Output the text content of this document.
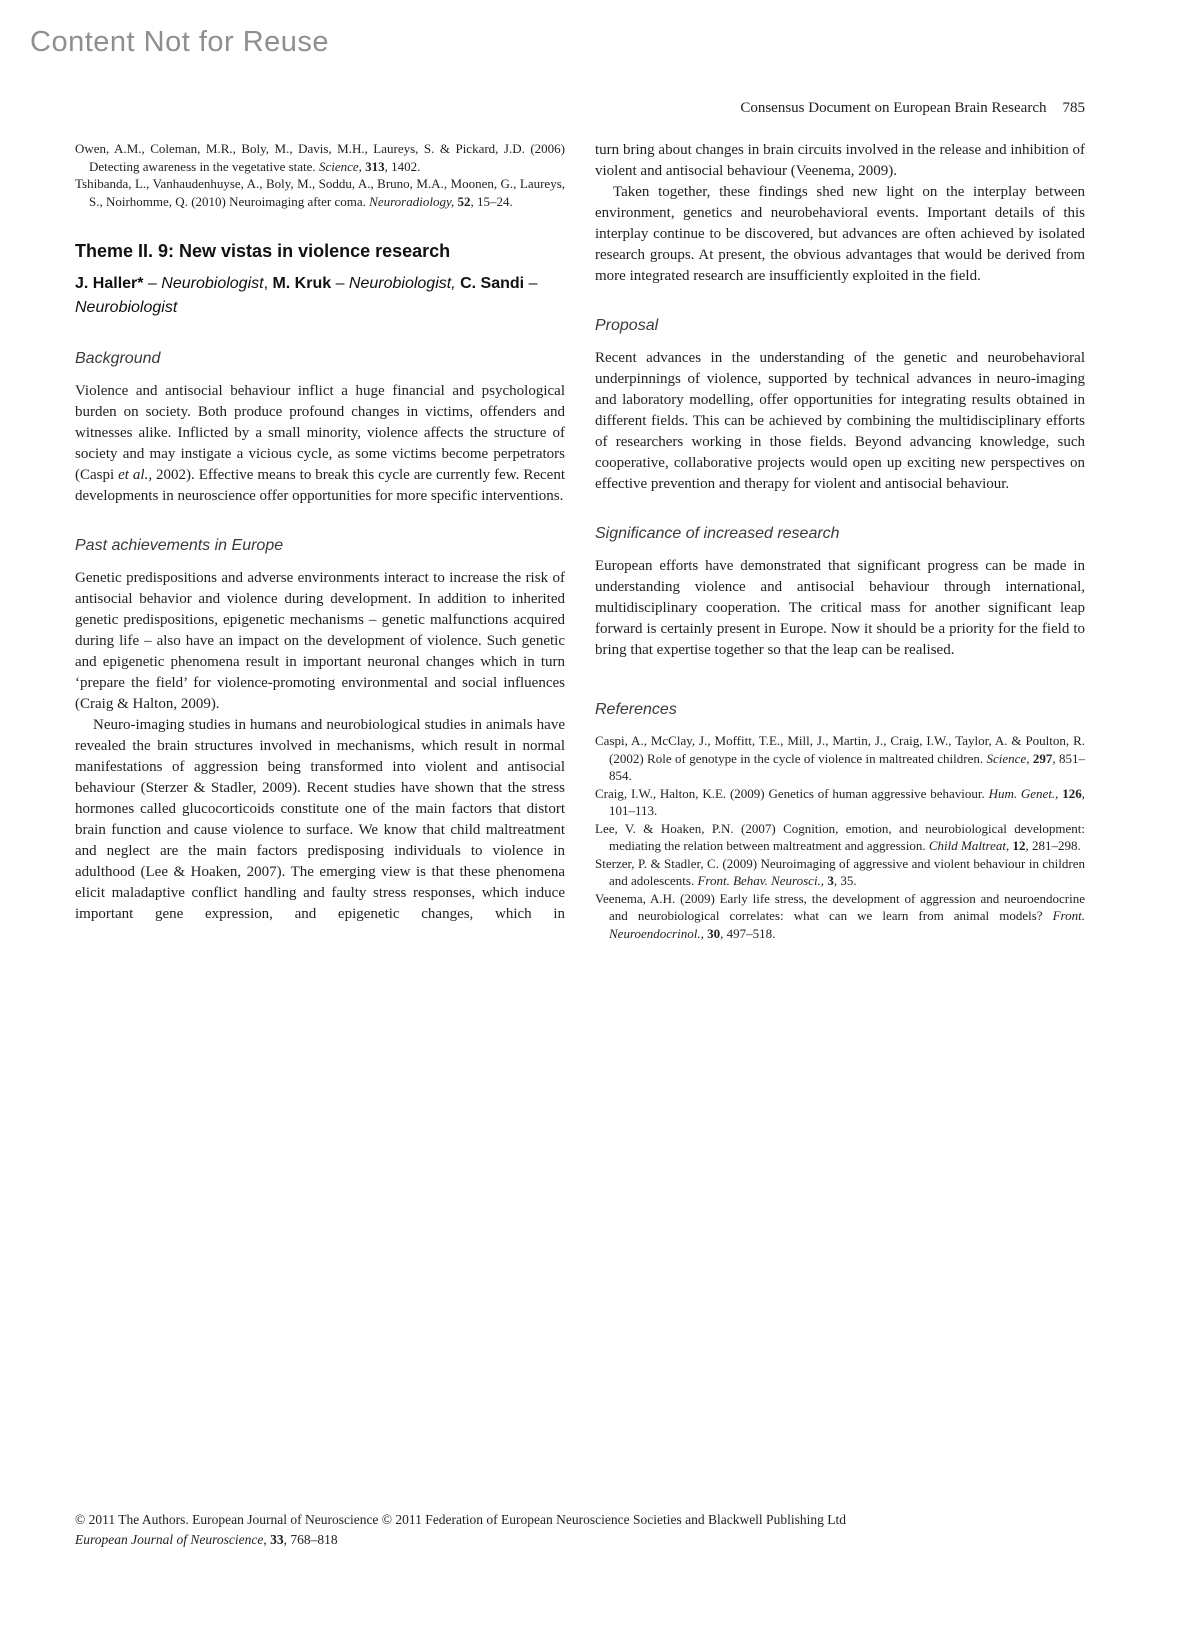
Content Not for Reuse
Consensus Document on European Brain Research 785

Owen, A.M., Coleman, M.R., Boly, M., Davis, M.H., Laureys, S. & Pickard, J.D. (2006) Detecting awareness in the vegetative state. Science, 313, 1402.

Tshibanda, L., Vanhaudenhuyse, A., Boly, M., Soddu, A., Bruno, M.A., Moonen, G., Laureys, S., Noirhomme, Q. (2010) Neuroimaging after coma. Neuroradiology, 52, 15–24.

Theme II. 9: New vistas in violence research

J. Haller* – Neurobiologist, M. Kruk – Neurobiologist, C. Sandi – Neurobiologist

Background

Violence and antisocial behaviour inflict a huge financial and psychological burden on society. Both produce profound changes in victims, offenders and witnesses alike. Inflicted by a small minority, violence affects the structure of society and may instigate a vicious cycle, as some victims become perpetrators (Caspi et al., 2002). Effective means to break this cycle are currently few. Recent developments in neuroscience offer opportunities for more specific interventions.

Past achievements in Europe

Genetic predispositions and adverse environments interact to increase the risk of antisocial behavior and violence during development. In addition to inherited genetic predispositions, epigenetic mechanisms – genetic malfunctions acquired during life – also have an impact on the development of violence. Such genetic and epigenetic phenomena result in important neuronal changes which in turn ‘prepare the field’ for violence-promoting environmental and social influences (Craig & Halton, 2009).

Neuro-imaging studies in humans and neurobiological studies in animals have revealed the brain structures involved in mechanisms, which result in normal manifestations of aggression being transformed into violent and antisocial behaviour (Sterzer & Stadler, 2009). Recent studies have shown that the stress hormones called glucocorticoids constitute one of the main factors that distort brain function and cause violence to surface. We know that child maltreatment and neglect are the main factors predisposing individuals to violence in adulthood (Lee & Hoaken, 2007). The emerging view is that these phenomena elicit maladaptive conflict handling and faulty stress responses, which induce important gene expression, and epigenetic changes, which in

turn bring about changes in brain circuits involved in the release and inhibition of violent and antisocial behaviour (Veenema, 2009).

Taken together, these findings shed new light on the interplay between environment, genetics and neurobehavioral events. Important details of this interplay continue to be discovered, but advances are often achieved by isolated research groups. At present, the obvious advantages that would be derived from more integrated research are insufficiently exploited in the field.

Proposal

Recent advances in the understanding of the genetic and neurobehavioral underpinnings of violence, supported by technical advances in neuro-imaging and laboratory modelling, offer opportunities for integrating results obtained in different fields. This can be achieved by combining the multidisciplinary efforts of researchers working in those fields. Beyond advancing knowledge, such cooperative, collaborative projects would open up exciting new perspectives on effective prevention and therapy for violent and antisocial behaviour.

Significance of increased research

European efforts have demonstrated that significant progress can be made in understanding violence and antisocial behaviour through international, multidisciplinary cooperation. The critical mass for another significant leap forward is certainly present in Europe. Now it should be a priority for the field to bring that expertise together so that the leap can be realised.

References

Caspi, A., McClay, J., Moffitt, T.E., Mill, J., Martin, J., Craig, I.W., Taylor, A. & Poulton, R. (2002) Role of genotype in the cycle of violence in maltreated children. Science, 297, 851–854.

Craig, I.W., Halton, K.E. (2009) Genetics of human aggressive behaviour. Hum. Genet., 126, 101–113.

Lee, V. & Hoaken, P.N. (2007) Cognition, emotion, and neurobiological development: mediating the relation between maltreatment and aggression. Child Maltreat, 12, 281–298.

Sterzer, P. & Stadler, C. (2009) Neuroimaging of aggressive and violent behaviour in children and adolescents. Front. Behav. Neurosci., 3, 35.

Veenema, A.H. (2009) Early life stress, the development of aggression and neuroendocrine and neurobiological correlates: what can we learn from animal models? Front. Neuroendocrinol., 30, 497–518.

© 2011 The Authors. European Journal of Neuroscience © 2011 Federation of European Neuroscience Societies and Blackwell Publishing Ltd

European Journal of Neuroscience, 33, 768–818
